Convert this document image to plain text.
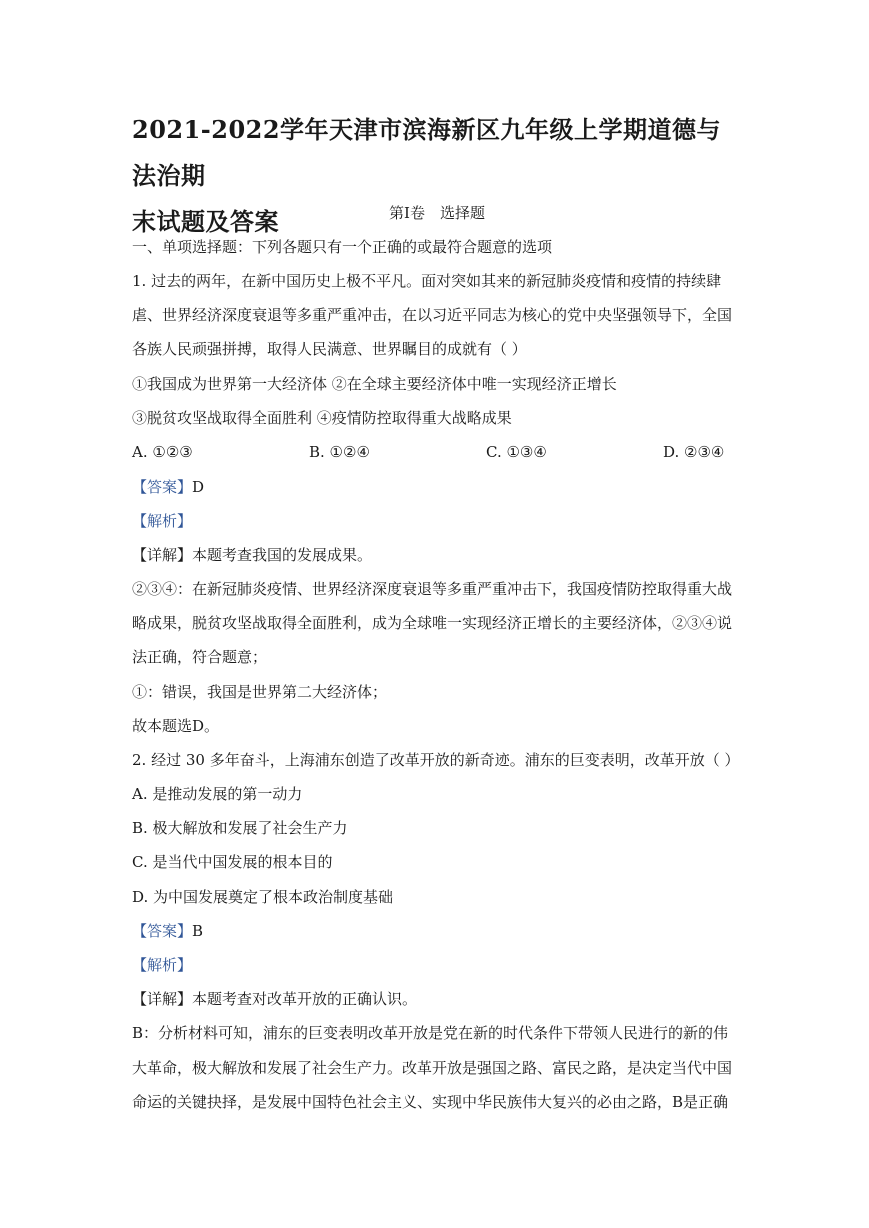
2021-2022学年天津市滨海新区九年级上学期道德与法治期
末试题及答案	第Ⅰ卷　选择题
一、单项选择题：下列各题只有一个正确的或最符合题意的选项
1. 过去的两年，在新中国历史上极不平凡。面对突如其来的新冠肺炎疫情和疫情的持续肆
虐、世界经济深度衰退等多重严重冲击，在以习近平同志为核心的党中央坚强领导下，全国
各族人民顽强拼搏，取得人民满意、世界瞩目的成就有（ ）
①我国成为世界第一大经济体 ②在全球主要经济体中唯一实现经济正增长
③脱贫攻坚战取得全面胜利 ④疫情防控取得重大战略成果
A. ①②③	B. ①②④	C. ①③④	D. ②③④
【答案】D
【解析】
【详解】本题考查我国的发展成果。
②③④：在新冠肺炎疫情、世界经济深度衰退等多重严重冲击下，我国疫情防控取得重大战
略成果，脱贫攻坚战取得全面胜利，成为全球唯一实现经济正增长的主要经济体，②③④说
法正确，符合题意；
①：错误，我国是世界第二大经济体；
故本题选D。
2. 经过 30 多年奋斗，上海浦东创造了改革开放的新奇迹。浦东的巨变表明，改革开放（ ）
A. 是推动发展的第一动力
B. 极大解放和发展了社会生产力
C. 是当代中国发展的根本目的
D. 为中国发展奠定了根本政治制度基础
【答案】B
【解析】
【详解】本题考查对改革开放的正确认识。
B：分析材料可知，浦东的巨变表明改革开放是党在新的时代条件下带领人民进行的新的伟
大革命，极大解放和发展了社会生产力。改革开放是强国之路、富民之路，是决定当代中国
命运的关键抉择，是发展中国特色社会主义、实现中华民族伟大复兴的必由之路，B是正确
